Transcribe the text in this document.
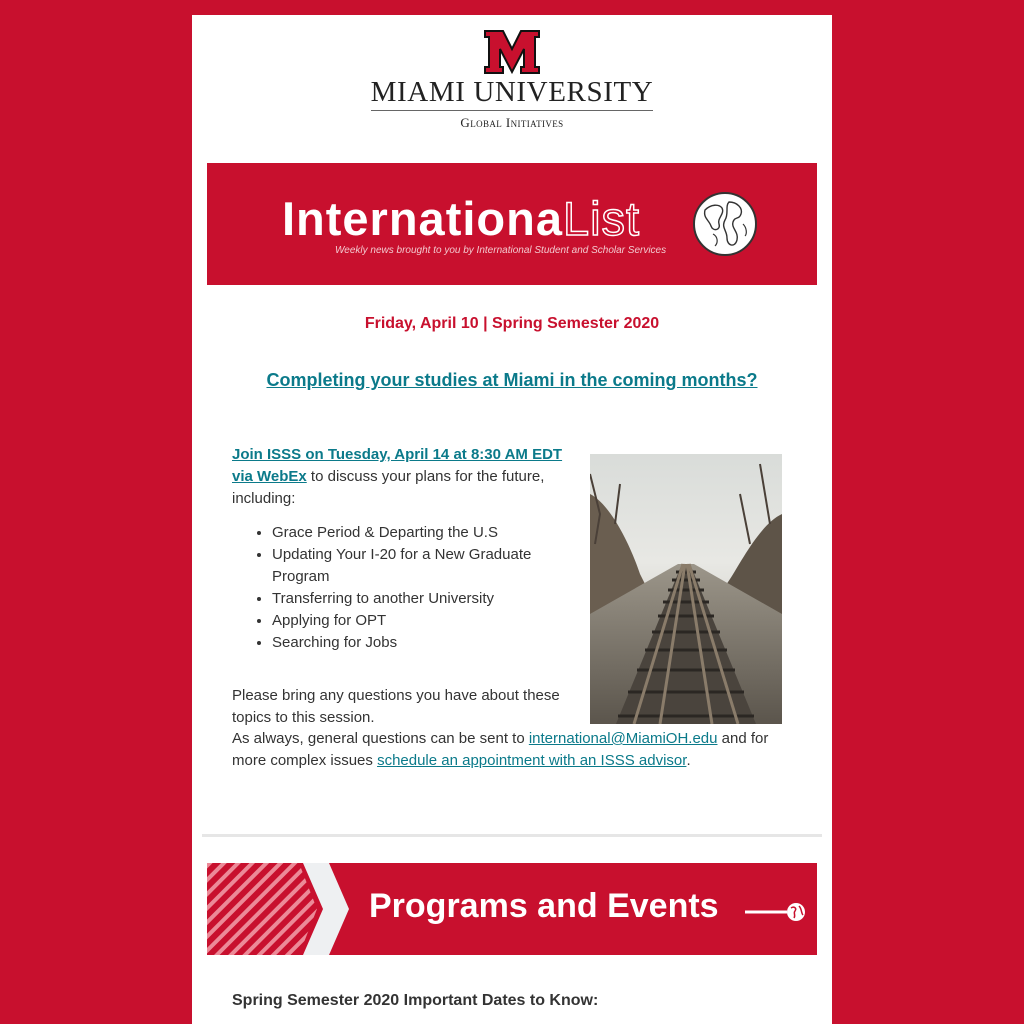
MIAMI UNIVERSITY
Global Initiatives
InternationaList
Weekly news brought to you by International Student and Scholar Services
Friday, April 10 | Spring Semester 2020
Completing your studies at Miami in the coming months?
Join ISSS on Tuesday, April 14 at 8:30 AM EDT via WebEx to discuss your plans for the future, including:
• Grace Period & Departing the U.S
• Updating Your I-20 for a New Graduate Program
• Transferring to another University
• Applying for OPT
• Searching for Jobs

Please bring any questions you have about these topics to this session.

As always, general questions can be sent to international@MiamiOH.edu and for more complex issues schedule an appointment with an ISSS advisor.
Programs and Events
Spring Semester 2020 Important Dates to Know:
